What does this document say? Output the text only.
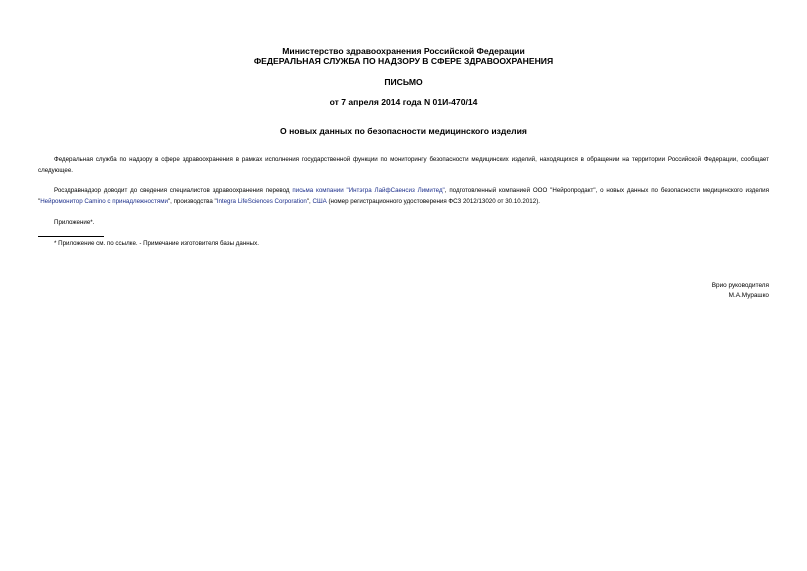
Министерство здравоохранения Российской Федерации
ФЕДЕРАЛЬНАЯ СЛУЖБА ПО НАДЗОРУ В СФЕРЕ ЗДРАВООХРАНЕНИЯ
ПИСЬМО
от 7 апреля 2014 года N 01И-470/14
О новых данных по безопасности медицинского изделия
Федеральная служба по надзору в сфере здравоохранения в рамках исполнения государственной функции по мониторингу безопасности медицинских изделий, находящихся в обращении на территории Российской Федерации, сообщает следующее.
Росздравнадзор доводит до сведения специалистов здравоохранения перевод письма компании "Интэгра ЛайфСаенсиз Лимитед", подготовленный компанией ООО "Нейропродакт", о новых данных по безопасности медицинского изделия "Нейромонитор Camino с принадлежностями", производства "Integra LifeSciences Corporation", США (номер регистрационного удостоверения ФСЗ 2012/13020 от 30.10.2012).
Приложение*.
* Приложение см. по ссылке. - Примечание изготовителя базы данных.
Врио руководителя
М.А.Мурашко
